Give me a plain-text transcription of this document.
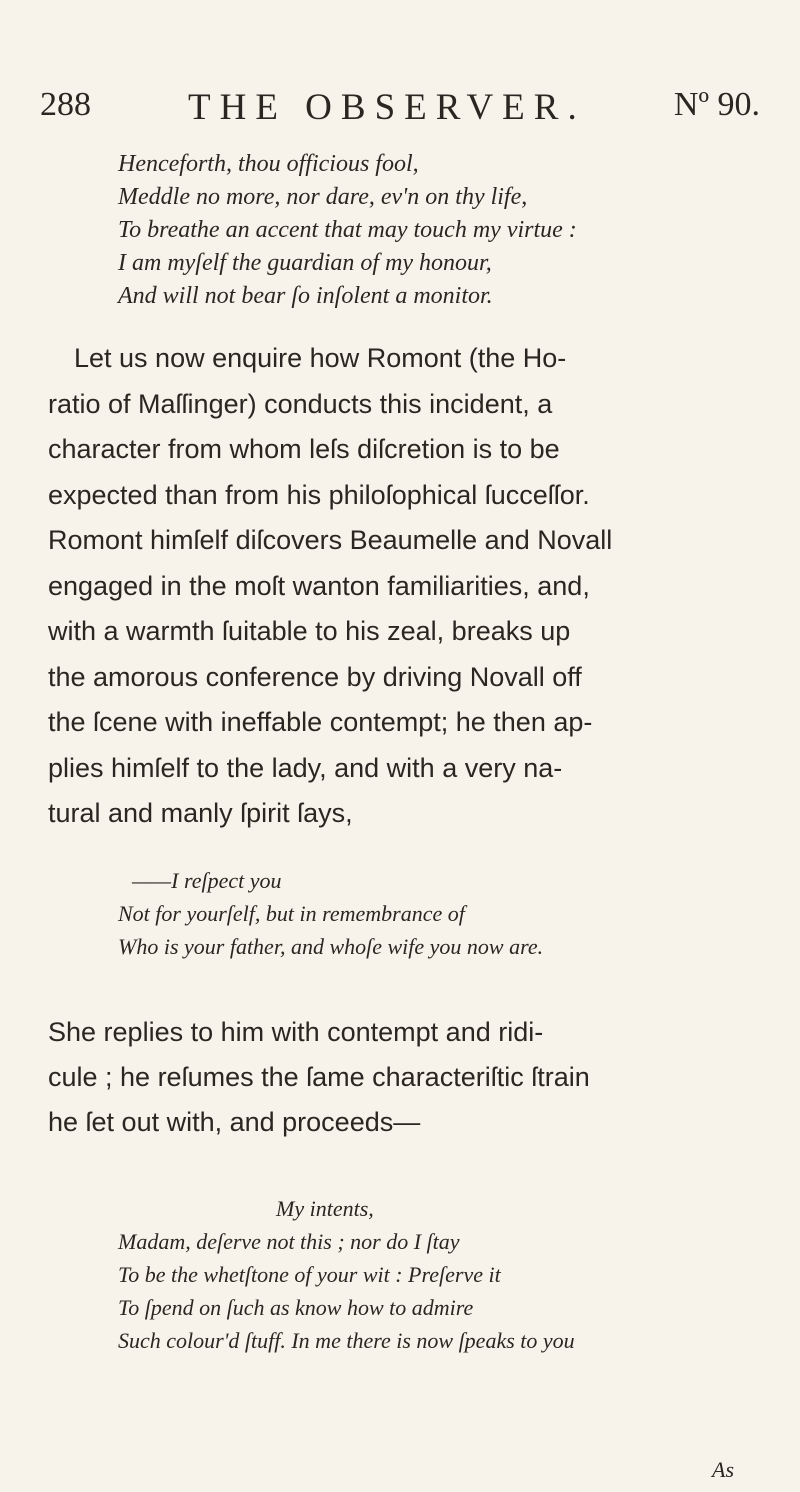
288	THE OBSERVER.	Nº 90.
Henceforth, thou officious fool,
Meddle no more, nor dare, ev'n on thy life,
To breathe an accent that may touch my virtue :
I am myſelf the guardian of my honour,
And will not bear ſo inſolent a monitor.
Let us now enquire how Romont (the Ho-
ratio of Maſſinger) conducts this incident, a
character from whom leſs diſcretion is to be
expected than from his philoſophical ſucceſſor.
Romont himſelf diſcovers Beaumelle and Novall
engaged in the moſt wanton familiarities, and,
with a warmth ſuitable to his zeal, breaks up
the amorous conference by driving Novall off
the ſcene with ineffable contempt; he then ap-
plies himſelf to the lady, and with a very na-
tural and manly ſpirit ſays,
——I reſpect you
Not for yourſelf, but in remembrance of
Who is your father, and whoſe wife you now are.
She replies to him with contempt and ridi-
cule ; he reſumes the ſame characteriſtic ſtrain
he ſet out with, and proceeds—
My intents,
Madam, deſerve not this ; nor do I ſtay
To be the whetſtone of your wit : Preſerve it
To ſpend on ſuch as know how to admire
Such colour'd ſtuff. In me there is now ſpeaks to you
As
